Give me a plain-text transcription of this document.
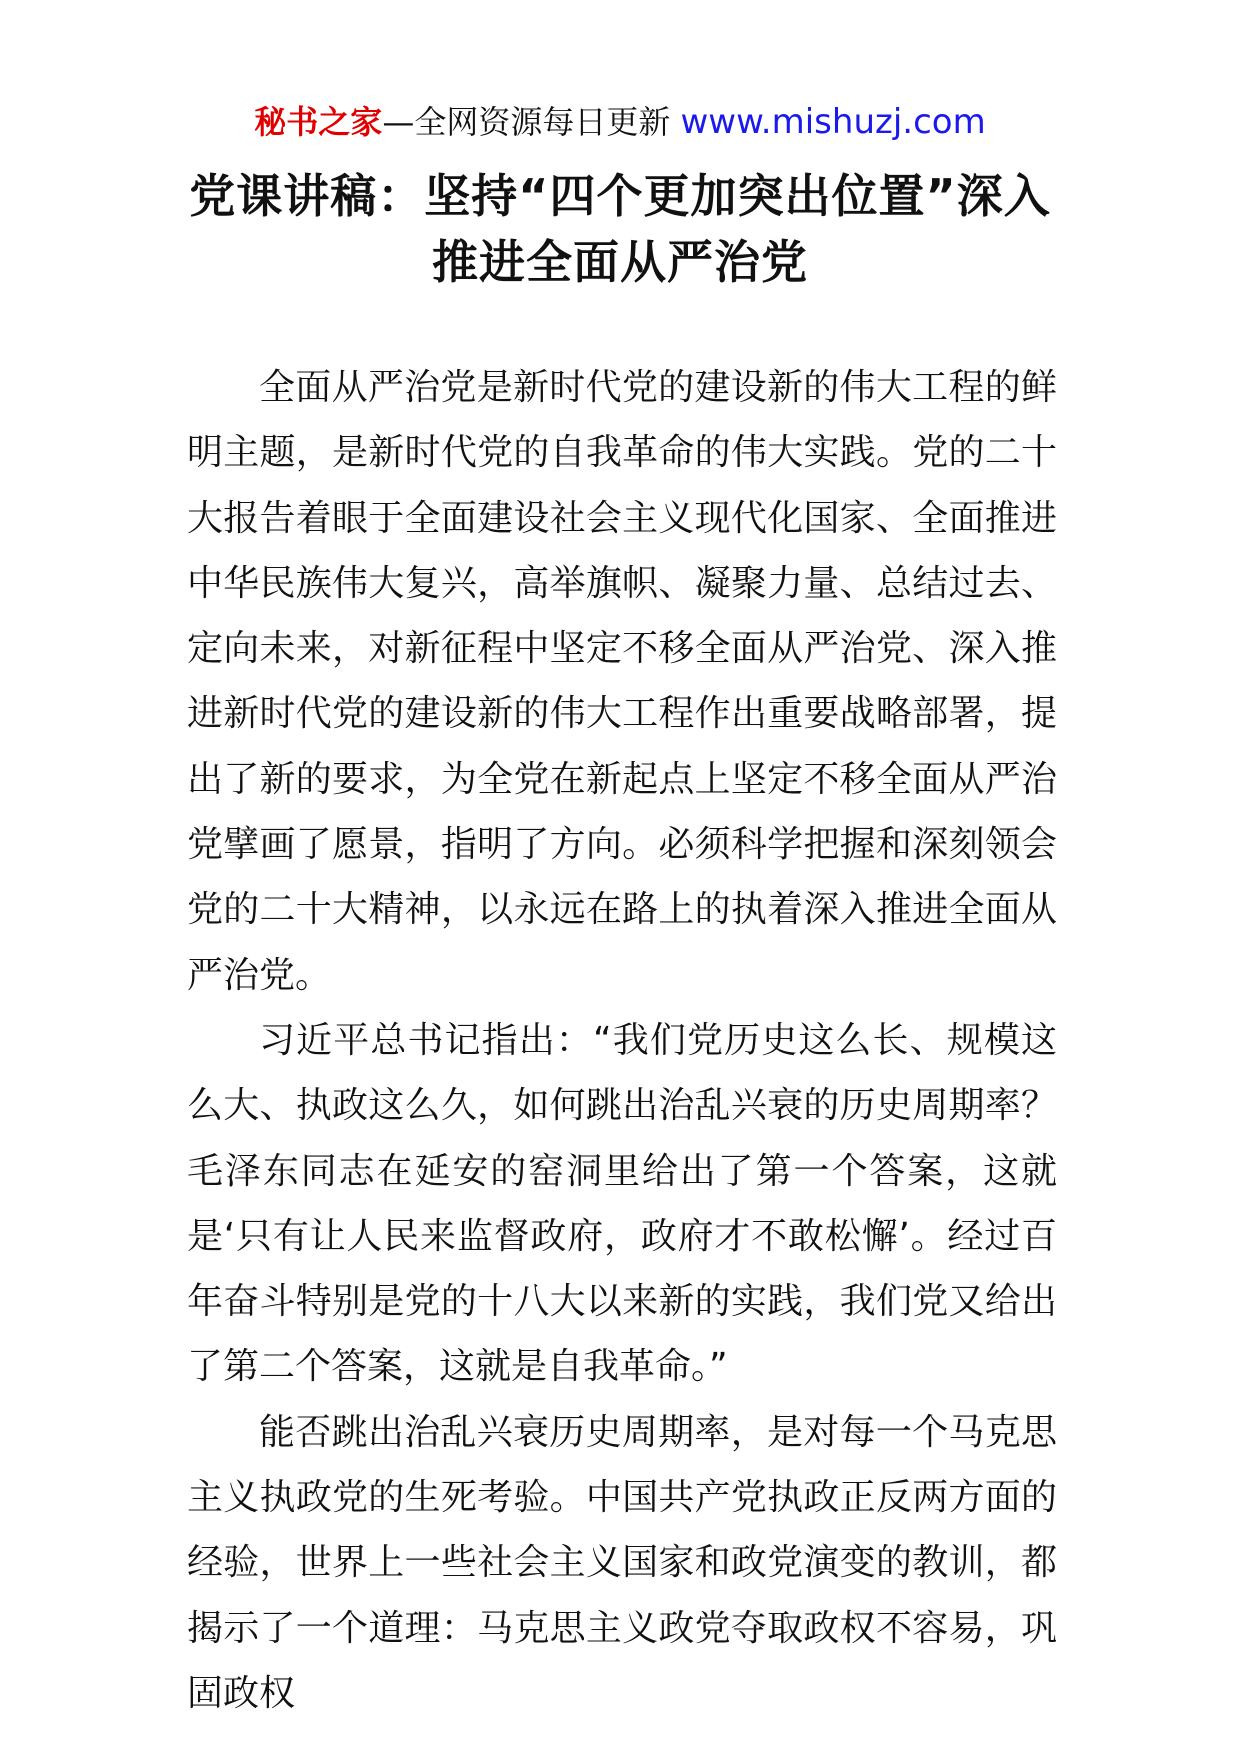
秘书之家—全网资源每日更新 www.mishuzj.com
党课讲稿：坚持“四个更加突出位置”深入推进全面从严治党

全面从严治党是新时代党的建设新的伟大工程的鲜明主题，是新时代党的自我革命的伟大实践。党的二十大报告着眼于全面建设社会主义现代化国家、全面推进中华民族伟大复兴，高举旗帜、凝聚力量、总结过去、定向未来，对新征程中坚定不移全面从严治党、深入推进新时代党的建设新的伟大工程作出重要战略部署，提出了新的要求，为全党在新起点上坚定不移全面从严治党擘画了愿景，指明了方向。必须科学把握和深刻领会党的二十大精神，以永远在路上的执着深入推进全面从严治党。

习近平总书记指出：“我们党历史这么长、规模这么大、执政这么久，如何跳出治乱兴衰的历史周期率？毛泽东同志在延安的窑洞里给出了第一个答案，这就是‘只有让人民来监督政府，政府才不敢松懈’。经过百年奋斗特别是党的十八大以来新的实践，我们党又给出了第二个答案，这就是自我革命。”

能否跳出治乱兴衰历史周期率，是对每一个马克思主义执政党的生死考验。中国共产党执政正反两方面的经验，世界上一些社会主义国家和政党演变的教训，都揭示了一个道理：马克思主义政党夺取政权不容易，巩固政权
